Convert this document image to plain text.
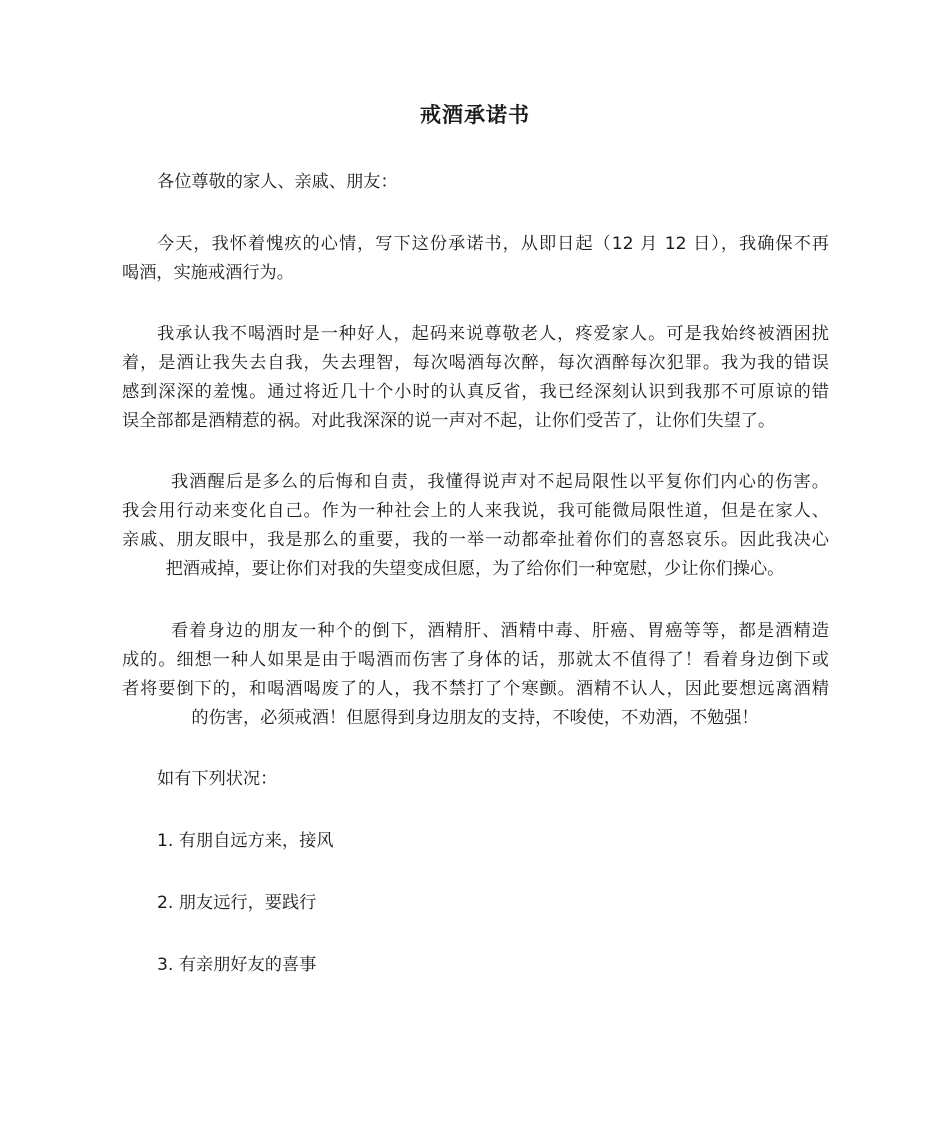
戒酒承诺书
各位尊敬的家人、亲戚、朋友：
今天，我怀着愧疚的心情，写下这份承诺书，从即日起（12 月 12 日），我确保不再
喝酒，实施戒酒行为。
我承认我不喝酒时是一种好人，起码来说尊敬老人，疼爱家人。可是我始终被酒困扰
着，是酒让我失去自我，失去理智，每次喝酒每次醉，每次酒醉每次犯罪。我为我的错误
感到深深的羞愧。通过将近几十个小时的认真反省，我已经深刻认识到我那不可原谅的错
误全部都是酒精惹的祸。对此我深深的说一声对不起，让你们受苦了，让你们失望了。
我酒醒后是多么的后悔和自责，我懂得说声对不起局限性以平复你们内心的伤害。
我会用行动来变化自己。作为一种社会上的人来我说，我可能微局限性道，但是在家人、
亲戚、朋友眼中，我是那么的重要，我的一举一动都牵扯着你们的喜怒哀乐。因此我决心
把酒戒掉，要让你们对我的失望变成但愿，为了给你们一种宽慰，少让你们操心。
看着身边的朋友一种个的倒下，酒精肝、酒精中毒、肝癌、胃癌等等，都是酒精造
成的。细想一种人如果是由于喝酒而伤害了身体的话，那就太不值得了！看着身边倒下或
者将要倒下的，和喝酒喝废了的人，我不禁打了个寒颤。酒精不认人，因此要想远离酒精
的伤害，必须戒酒！但愿得到身边朋友的支持，不唆使，不劝酒，不勉强！
如有下列状况：
1. 有朋自远方来，接风
2. 朋友远行，要践行
3. 有亲朋好友的喜事
